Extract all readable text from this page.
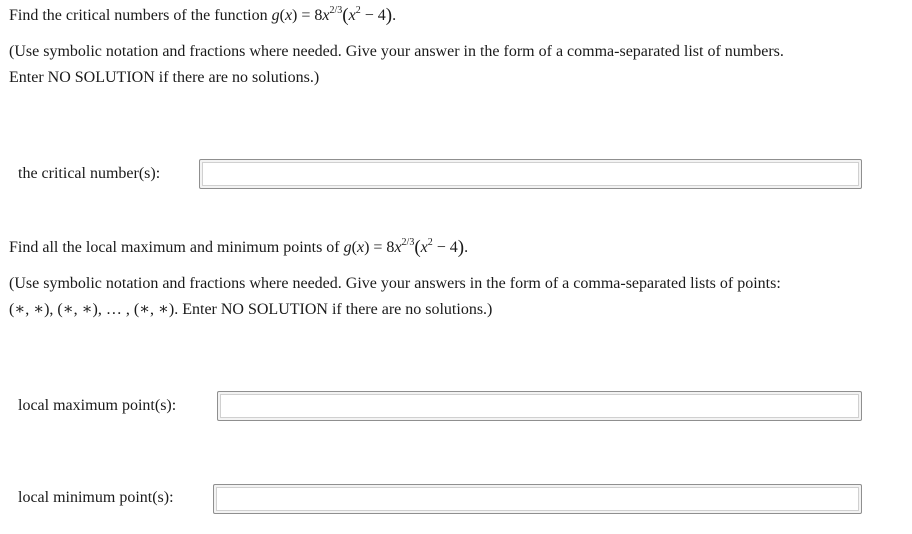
Find the critical numbers of the function $g(x) = 8x^{2/3}(x^2 - 4)$.
(Use symbolic notation and fractions where needed. Give your answer in the form of a comma-separated list of numbers.
Enter NO SOLUTION if there are no solutions.)
the critical number(s):
Find all the local maximum and minimum points of $g(x) = 8x^{2/3}(x^2 - 4)$.
(Use symbolic notation and fractions where needed. Give your answers in the form of a comma-separated lists of points:
(∗, ∗), (∗, ∗), … , (∗, ∗). Enter NO SOLUTION if there are no solutions.)
local maximum point(s):
local minimum point(s):
